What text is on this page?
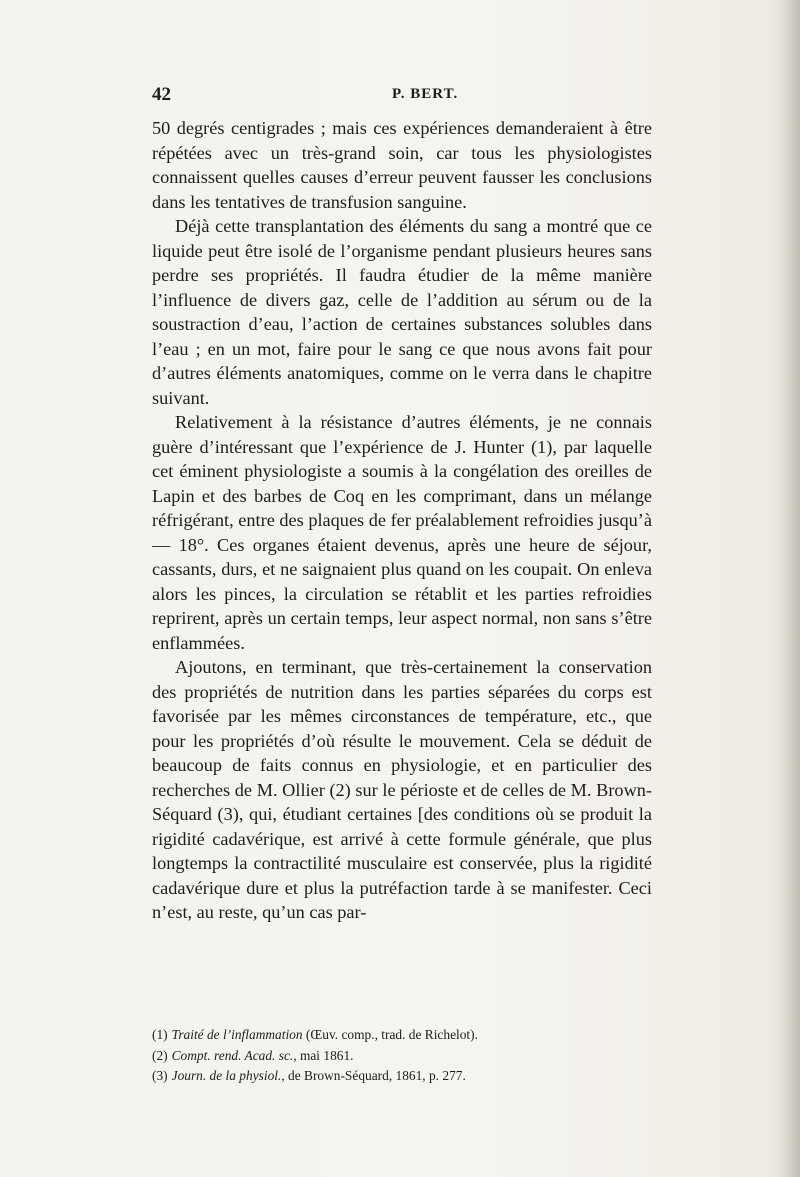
42	P. BERT.

50 degrés centigrades ; mais ces expériences demanderaient à être répétées avec un très-grand soin, car tous les physiologistes connaissent quelles causes d’erreur peuvent fausser les conclusions dans les tentatives de transfusion sanguine.

Déjà cette transplantation des éléments du sang a montré que ce liquide peut être isolé de l’organisme pendant plusieurs heures sans perdre ses propriétés. Il faudra étudier de la même manière l’influence de divers gaz, celle de l’addition au sérum ou de la soustraction d’eau, l’action de certaines substances solubles dans l’eau ; en un mot, faire pour le sang ce que nous avons fait pour d’autres éléments anatomiques, comme on le verra dans le chapitre suivant.

Relativement à la résistance d’autres éléments, je ne connais guère d’intéressant que l’expérience de J. Hunter (1), par laquelle cet éminent physiologiste a soumis à la congélation des oreilles de Lapin et des barbes de Coq en les comprimant, dans un mélange réfrigérant, entre des plaques de fer préalablement refroidies jusqu’à — 18°. Ces organes étaient devenus, après une heure de séjour, cassants, durs, et ne saignaient plus quand on les coupait. On enleva alors les pinces, la circulation se rétablit et les parties refroidies reprirent, après un certain temps, leur aspect normal, non sans s’être enflammées.

Ajoutons, en terminant, que très-certainement la conservation des propriétés de nutrition dans les parties séparées du corps est favorisée par les mêmes circonstances de température, etc., que pour les propriétés d’où résulte le mouvement. Cela se déduit de beaucoup de faits connus en physiologie, et en particulier des recherches de M. Ollier (2) sur le périoste et de celles de M. Brown-Séquard (3), qui, étudiant certaines [des conditions où se produit la rigidité cadavérique, est arrivé à cette formule générale, que plus longtemps la contractilité musculaire est conservée, plus la rigidité cadavérique dure et plus la putréfaction tarde à se manifester. Ceci n’est, au reste, qu’un cas par-

(1) Traité de l’inflammation (Œuv. comp., trad. de Richelot).
(2) Compt. rend. Acad. sc., mai 1861.
(3) Journ. de la physiol., de Brown-Séquard, 1861, p. 277.
